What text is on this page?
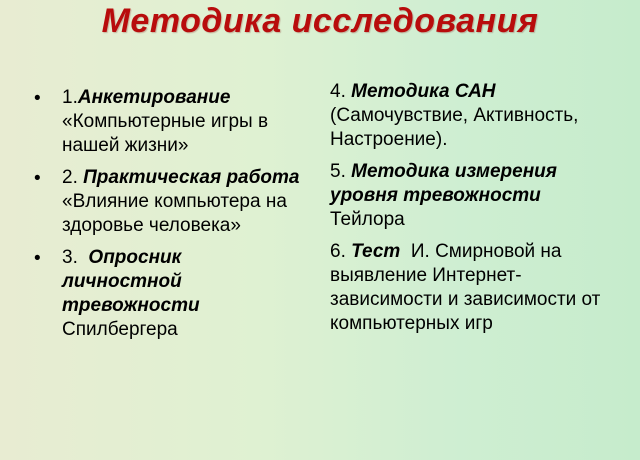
Методика исследования
• 1.Анкетирование «Компьютерные игры в нашей жизни»
• 2. Практическая работа «Влияние компьютера на здоровье человека»
• 3. Опросник личностной тревожности Спилбергера
4. Методика САН (Самочувствие, Активность, Настроение).
5. Методика измерения уровня тревожности Тейлора
6. Тест И. Смирновой на выявление Интернет-зависимости и зависимости от компьютерных игр
